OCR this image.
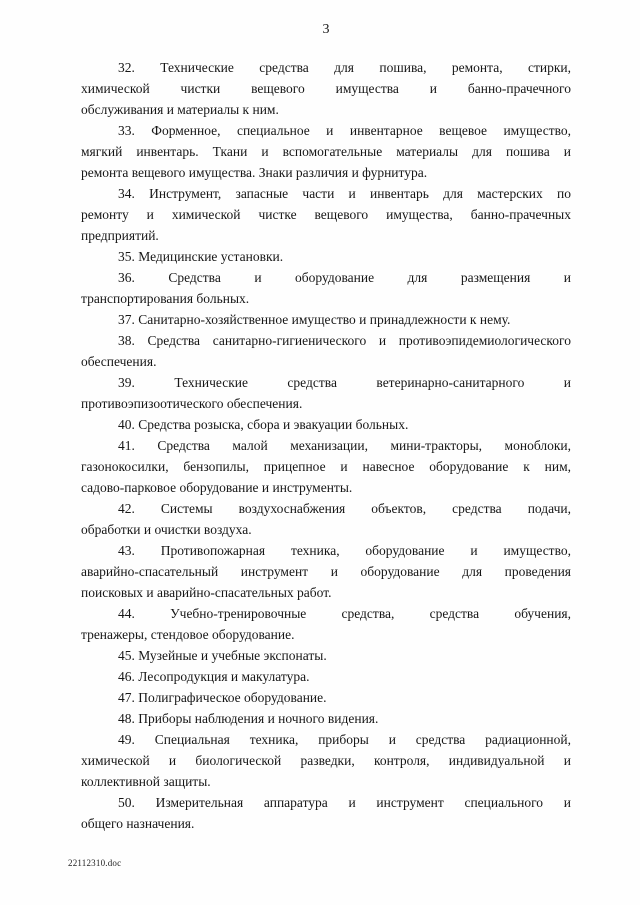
3
32. Технические средства для пошива, ремонта, стирки,
химической чистки вещевого имущества и банно-прачечного
обслуживания и материалы к ним.
33. Форменное, специальное и инвентарное вещевое имущество,
мягкий инвентарь. Ткани и вспомогательные материалы для пошива и
ремонта вещевого имущества. Знаки различия и фурнитура.
34. Инструмент, запасные части и инвентарь для мастерских по
ремонту и химической чистке вещевого имущества, банно-прачечных
предприятий.
35. Медицинские установки.
36. Средства и оборудование для размещения и
транспортирования больных.
37. Санитарно-хозяйственное имущество и принадлежности к нему.
38. Средства санитарно-гигиенического и противоэпидемиологического
обеспечения.
39. Технические средства ветеринарно-санитарного и
противоэпизоотического обеспечения.
40. Средства розыска, сбора и эвакуации больных.
41. Средства малой механизации, мини-тракторы, моноблоки,
газонокосилки, бензопилы, прицепное и навесное оборудование к ним,
садово-парковое оборудование и инструменты.
42. Системы воздухоснабжения объектов, средства подачи,
обработки и очистки воздуха.
43. Противопожарная техника, оборудование и имущество,
аварийно-спасательный инструмент и оборудование для проведения
поисковых и аварийно-спасательных работ.
44. Учебно-тренировочные средства, средства обучения,
тренажеры, стендовое оборудование.
45. Музейные и учебные экспонаты.
46. Лесопродукция и макулатура.
47. Полиграфическое оборудование.
48. Приборы наблюдения и ночного видения.
49. Специальная техника, приборы и средства радиационной,
химической и биологической разведки, контроля, индивидуальной и
коллективной защиты.
50. Измерительная аппаратура и инструмент специального и
общего назначения.
22112310.doc
